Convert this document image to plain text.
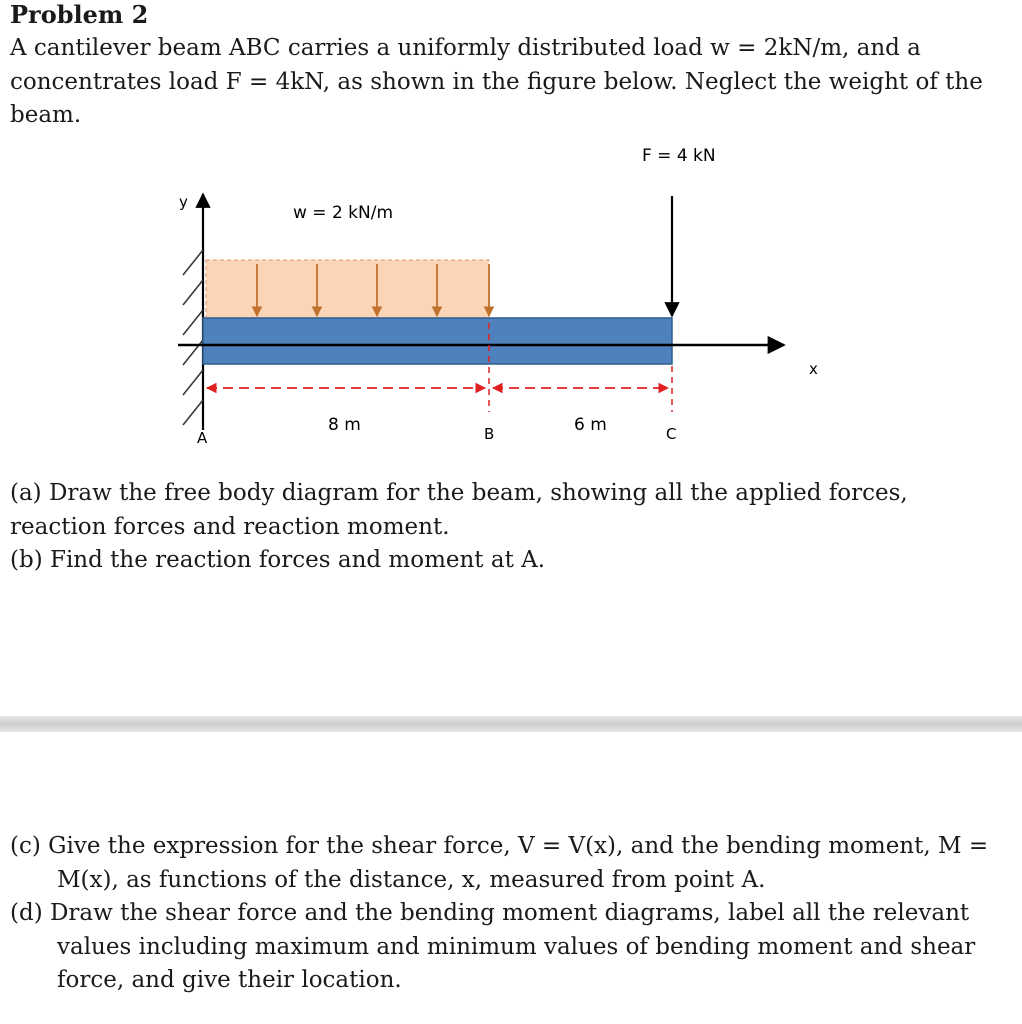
Problem 2

A cantilever beam ABC carries a uniformly distributed load w = 2kN/m, and a concentrates load F = 4kN, as shown in the figure below. Neglect the weight of the beam.

F = 4 kN
w = 2 kN/m
y
x
8 m	6 m
A	B	C

(a) Draw the free body diagram for the beam, showing all the applied forces, reaction forces and reaction moment.

(b) Find the reaction forces and moment at A.

(c) Give the expression for the shear force, V = V(x), and the bending moment, M = M(x), as functions of the distance, x, measured from point A.

(d) Draw the shear force and the bending moment diagrams, label all the relevant values including maximum and minimum values of bending moment and shear force, and give their location.
